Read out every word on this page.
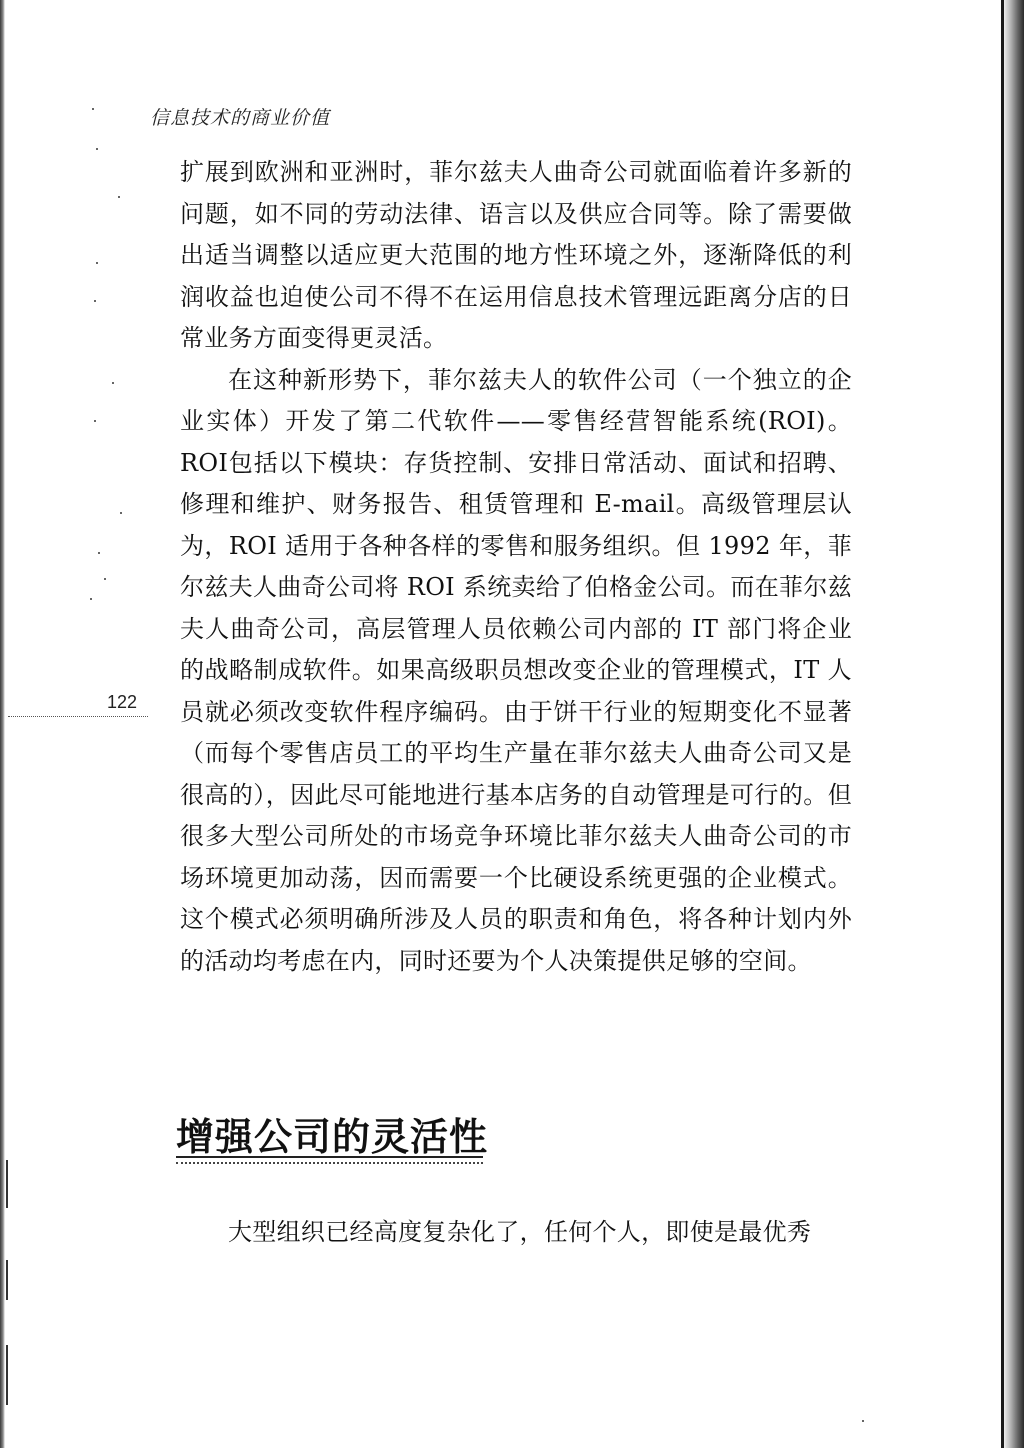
信息技术的商业价值
122

扩展到欧洲和亚洲时，菲尔兹夫人曲奇公司就面临着许多新的问题，如不同的劳动法律、语言以及供应合同等。除了需要做出适当调整以适应更大范围的地方性环境之外，逐渐降低的利润收益也迫使公司不得不在运用信息技术管理远距离分店的日常业务方面变得更灵活。

在这种新形势下，菲尔兹夫人的软件公司（一个独立的企业实体）开发了第二代软件——零售经营智能系统(ROI)。ROI包括以下模块：存货控制、安排日常活动、面试和招聘、修理和维护、财务报告、租赁管理和 E-mail。高级管理层认为，ROI 适用于各种各样的零售和服务组织。但 1992 年，菲尔兹夫人曲奇公司将 ROI 系统卖给了伯格金公司。而在菲尔兹夫人曲奇公司，高层管理人员依赖公司内部的 IT 部门将企业的战略制成软件。如果高级职员想改变企业的管理模式，IT 人员就必须改变软件程序编码。由于饼干行业的短期变化不显著（而每个零售店员工的平均生产量在菲尔兹夫人曲奇公司又是很高的），因此尽可能地进行基本店务的自动管理是可行的。但很多大型公司所处的市场竞争环境比菲尔兹夫人曲奇公司的市场环境更加动荡，因而需要一个比硬设系统更强的企业模式。这个模式必须明确所涉及人员的职责和角色，将各种计划内外的活动均考虑在内，同时还要为个人决策提供足够的空间。

增强公司的灵活性

大型组织已经高度复杂化了，任何个人，即使是最优秀
